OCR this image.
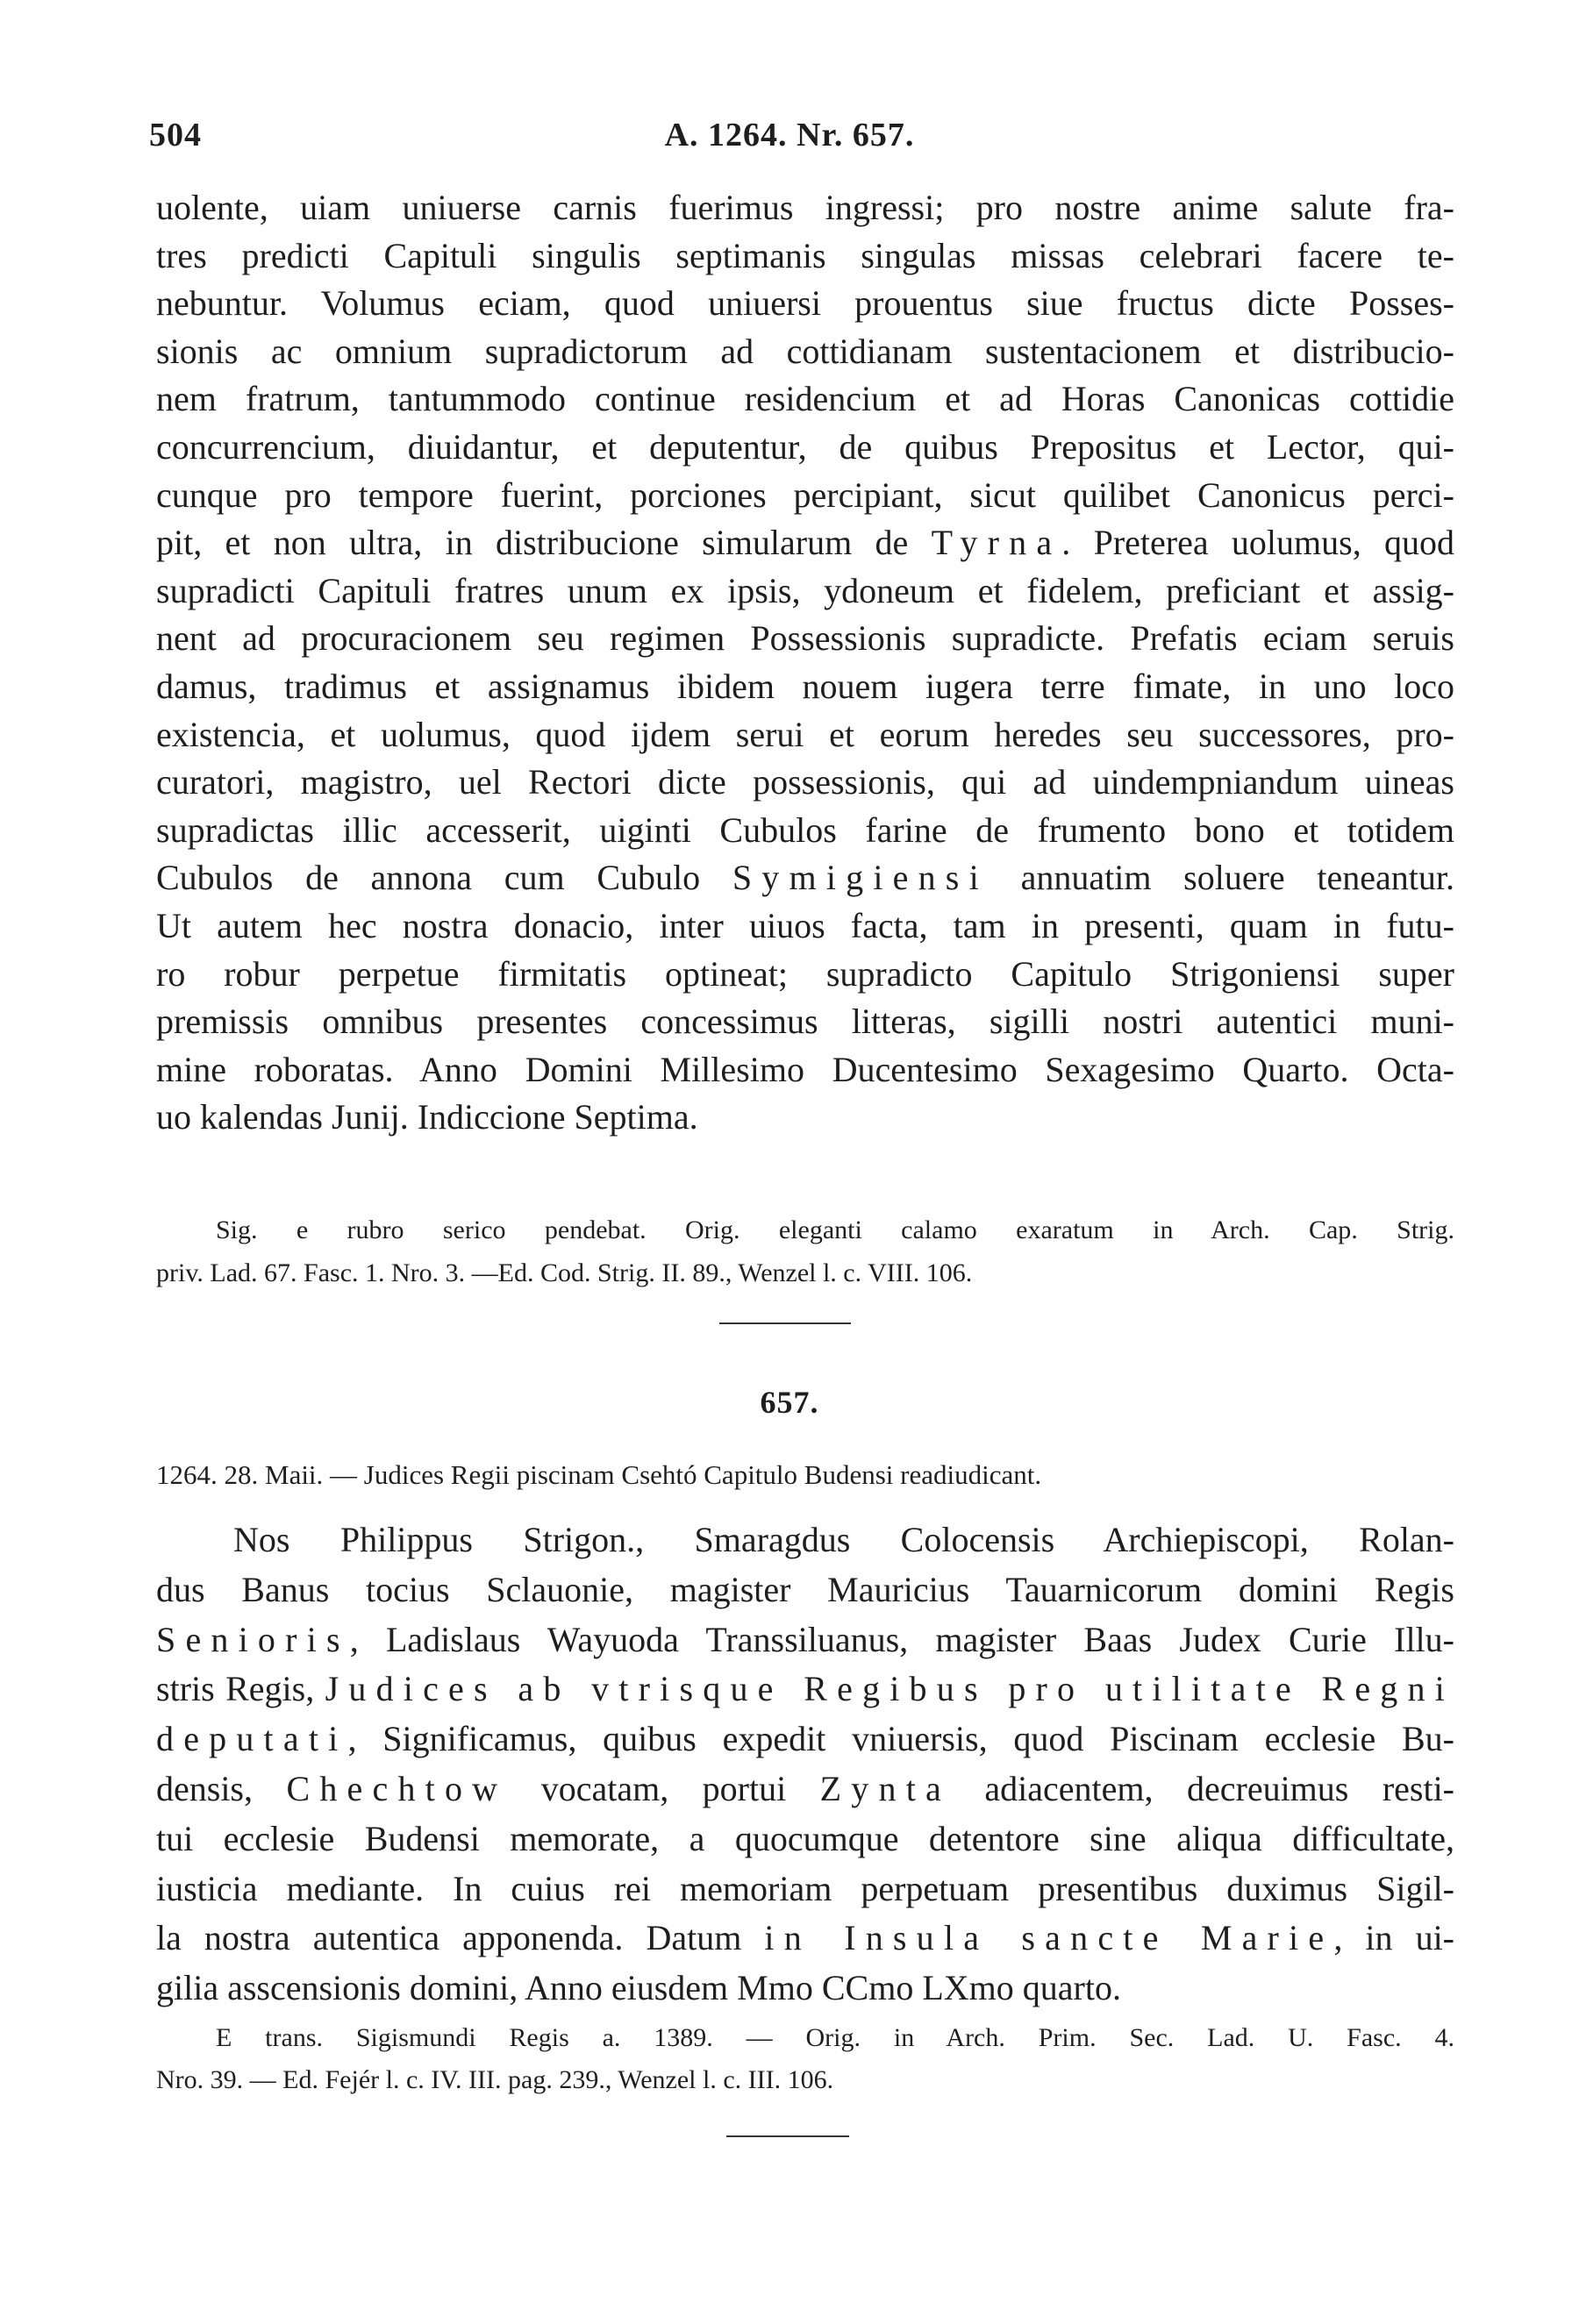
504	A. 1264. Nr. 657.
uolente, uiam uniuerse carnis fuerimus ingressi; pro nostre anime salute fra-
tres predicti Capituli singulis septimanis singulas missas celebrari facere te-
nebuntur. Volumus eciam, quod uniuersi prouentus siue fructus dicte Posses-
sionis ac omnium supradictorum ad cottidianam sustentacionem et distribucio-
nem fratrum, tantummodo continue residencium et ad Horas Canonicas cottidie
concurrencium, diuidantur, et deputentur, de quibus Prepositus et Lector, qui-
cunque pro tempore fuerint, porciones percipiant, sicut quilibet Canonicus perci-
pit, et non ultra, in distribucione simularum de Tyrna. Preterea uolumus, quod
supradicti Capituli fratres unum ex ipsis, ydoneum et fidelem, preficiant et assig-
nent ad procuracionem seu regimen Possessionis supradicte. Prefatis eciam seruis
damus, tradimus et assignamus ibidem nouem iugera terre fimate, in uno loco
existencia, et uolumus, quod ijdem serui et eorum heredes seu successores, pro-
curatori, magistro, uel Rectori dicte possessionis, qui ad uindempniandum uineas
supradictas illic accesserit, uiginti Cubulos farine de frumento bono et totidem
Cubulos de annona cum Cubulo Symigiensi annuatim soluere teneantur.
Ut autem hec nostra donacio, inter uiuos facta, tam in presenti, quam in futu-
ro robur perpetue firmitatis optineat; supradicto Capitulo Strigoniensi super
premissis omnibus presentes concessimus litteras, sigilli nostri autentici muni-
mine roboratas. Anno Domini Millesimo Ducentesimo Sexagesimo Quarto. Octa-
uo kalendas Junij. Indiccione Septima.
Sig. e rubro serico pendebat. Orig. eleganti calamo exaratum in Arch. Cap. Strig.
priv. Lad. 67. Fasc. 1. Nro. 3. —Ed. Cod. Strig. II. 89., Wenzel l. c. VIII. 106.
657.
1264. 28. Maii. — Judices Regii piscinam Csehtó Capitulo Budensi readiudicant.
Nos Philippus Strigon., Smaragdus Colocensis Archiepiscopi, Rolan-
dus Banus tocius Sclauonie, magister Mauricius Tauarnicorum domini Regis
Senioris, Ladislaus Wayuoda Transsiluanus, magister Baas Judex Curie Illu-
stris Regis, Judices ab vtrisque Regibus pro utilitate Regni
deputati, Significamus, quibus expedit vniuersis, quod Piscinam ecclesie Bu-
densis, Chechtow vocatam, portui Zynta adiacentem, decreuimus resti-
tui ecclesie Budensi memorate, a quocumque detentore sine aliqua difficultate,
iusticia mediante. In cuius rei memoriam perpetuam presentibus duximus Sigil-
la nostra autentica apponenda. Datum in Insula sancte Marie, in ui-
gilia asscensionis domini, Anno eiusdem Mmo CCmo LXmo quarto.
E trans. Sigismundi Regis a. 1389. — Orig. in Arch. Prim. Sec. Lad. U. Fasc. 4.
Nro. 39. — Ed. Fejér l. c. IV. III. pag. 239., Wenzel l. c. III. 106.
